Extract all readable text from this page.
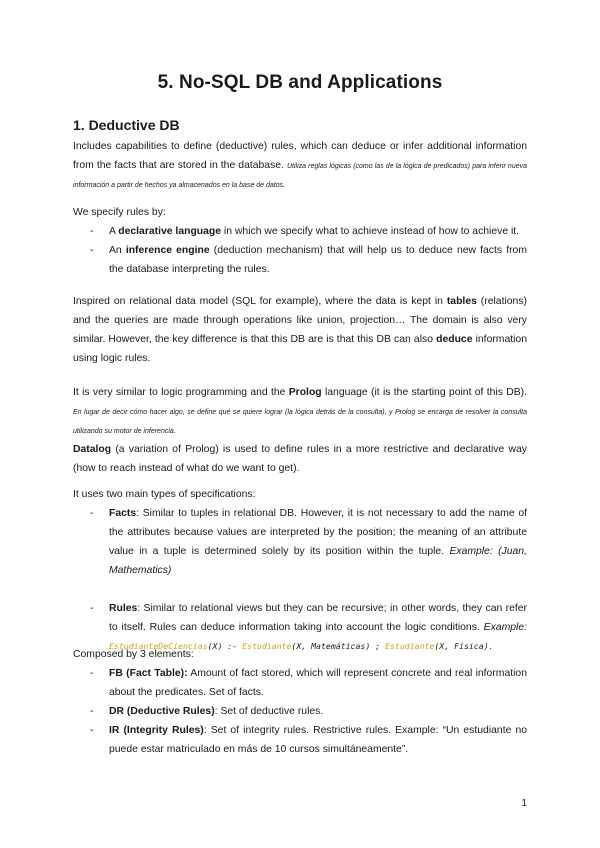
5. No-SQL DB and Applications
1. Deductive DB

Includes capabilities to define (deductive) rules, which can deduce or infer additional information from the facts that are stored in the database. Utiliza reglas lógicas (como las de la lógica de predicados) para inferir nueva información a partir de hechos ya almacenados en la base de datos.

We specify rules by:

- A declarative language in which we specify what to achieve instead of how to achieve it.
- An inference engine (deduction mechanism) that will help us to deduce new facts from the database interpreting the rules.

Inspired on relational data model (SQL for example), where the data is kept in tables (relations) and the queries are made through operations like union, projection… The domain is also very similar. However, the key difference is that this DB are is that this DB can also deduce information using logic rules.

It is very similar to logic programming and the Prolog language (it is the starting point of this DB). En lugar de decir cómo hacer algo, se define qué se quiere lograr (la lógica detrás de la consulta), y Prolog se encarga de resolver la consulta utilizando su motor de inferencia.

Datalog (a variation of Prolog) is used to define rules in a more restrictive and declarative way (how to reach instead of what do we want to get).

It uses two main types of specifications:

- Facts: Similar to tuples in relational DB. However, it is not necessary to add the name of the attributes because values are interpreted by the position; the meaning of an attribute value in a tuple is determined solely by its position within the tuple. Example: (Juan, Mathematics)
- Rules: Similar to relational views but they can be recursive; in other words, they can refer to itself. Rules can deduce information taking into account the logic conditions. Example: EstudianteDeCiencias(X) :- Estudiante(X, Matemáticas) ; Estudiante(X, Física).

Composed by 3 elements:

- FB (Fact Table): Amount of fact stored, which will represent concrete and real information about the predicates. Set of facts.
- DR (Deductive Rules): Set of deductive rules.
- IR (Integrity Rules): Set of integrity rules. Restrictive rules. Example: “Un estudiante no puede estar matriculado en más de 10 cursos simultáneamente”.
1
